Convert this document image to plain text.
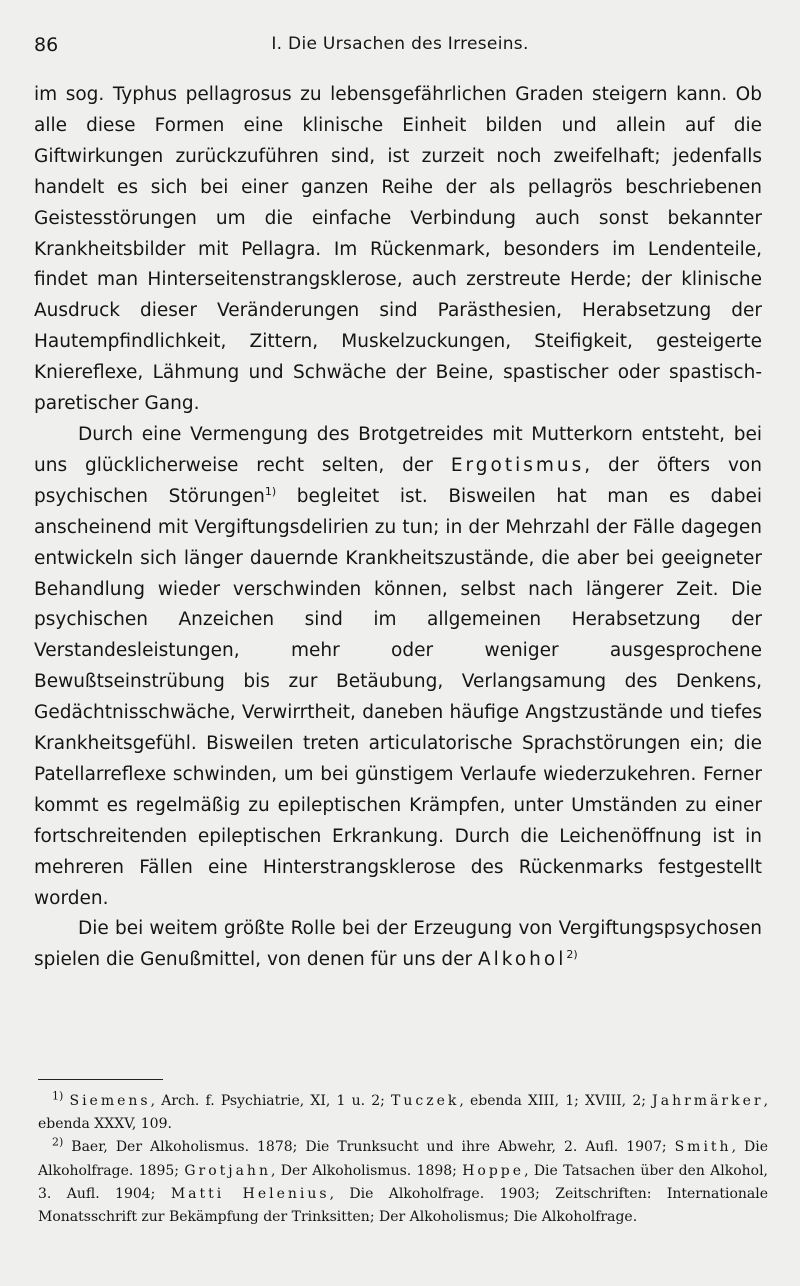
86	I. Die Ursachen des Irreseins.

im sog. Typhus pellagrosus zu lebensgefährlichen Graden steigern kann. Ob alle diese Formen eine klinische Einheit bilden und allein auf die Giftwirkungen zurückzuführen sind, ist zurzeit noch zweifelhaft; jedenfalls handelt es sich bei einer ganzen Reihe der als pellagrös beschriebenen Geistesstörungen um die einfache Verbindung auch sonst bekannter Krankheitsbilder mit Pellagra. Im Rückenmark, besonders im Lendenteile, findet man Hinterseitenstrangsklerose, auch zerstreute Herde; der klinische Ausdruck dieser Veränderungen sind Parästhesien, Herabsetzung der Hautempfindlichkeit, Zittern, Muskelzuckungen, Steifigkeit, gesteigerte Kniereflexe, Lähmung und Schwäche der Beine, spastischer oder spastisch-paretischer Gang.

Durch eine Vermengung des Brotgetreides mit Mutterkorn entsteht, bei uns glücklicherweise recht selten, der Ergotismus, der öfters von psychischen Störungen$^{1)}$ begleitet ist. Bisweilen hat man es dabei anscheinend mit Vergiftungsdelirien zu tun; in der Mehrzahl der Fälle dagegen entwickeln sich länger dauernde Krankheitszustände, die aber bei geeigneter Behandlung wieder verschwinden können, selbst nach längerer Zeit. Die psychischen Anzeichen sind im allgemeinen Herabsetzung der Verstandesleistungen, mehr oder weniger ausgesprochene Bewußtseinstrübung bis zur Betäubung, Verlangsamung des Denkens, Gedächtnisschwäche, Verwirrtheit, daneben häufige Angstzustände und tiefes Krankheitsgefühl. Bisweilen treten articulatorische Sprachstörungen ein; die Patellarreflexe schwinden, um bei günstigem Verlaufe wiederzukehren. Ferner kommt es regelmäßig zu epileptischen Krämpfen, unter Umständen zu einer fortschreitenden epileptischen Erkrankung. Durch die Leichenöffnung ist in mehreren Fällen eine Hinterstrangsklerose des Rückenmarks festgestellt worden.

Die bei weitem größte Rolle bei der Erzeugung von Vergiftungspsychosen spielen die Genußmittel, von denen für uns der Alkohol$^{2)}$

$^{1)}$ Siemens, Arch. f. Psychiatrie, XI, 1 u. 2; Tuczek, ebenda XIII, 1; XVIII, 2; Jahrmärker, ebenda XXXV, 109.

$^{2)}$ Baer, Der Alkoholismus. 1878; Die Trunksucht und ihre Abwehr, 2. Aufl. 1907; Smith, Die Alkoholfrage. 1895; Grotjahn, Der Alkoholismus. 1898; Hoppe, Die Tatsachen über den Alkohol, 3. Aufl. 1904; Matti Helenius, Die Alkoholfrage. 1903; Zeitschriften: Internationale Monatsschrift zur Bekämpfung der Trinksitten; Der Alkoholismus; Die Alkoholfrage.
